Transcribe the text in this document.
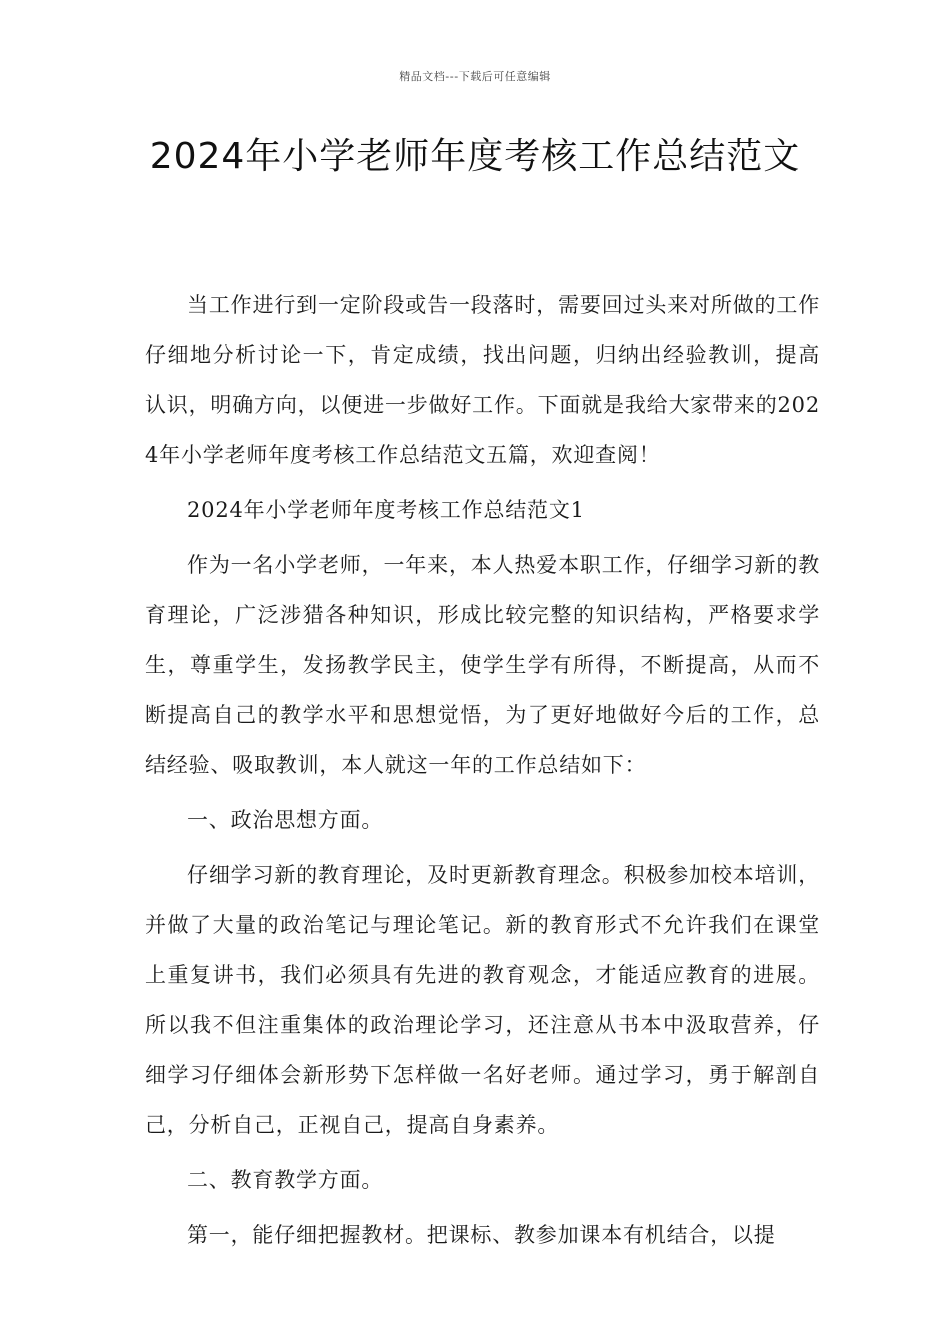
精品文档---下载后可任意编辑
2024年小学老师年度考核工作总结范文

当工作进行到一定阶段或告一段落时，需要回过头来对所做的工作仔细地分析讨论一下，肯定成绩，找出问题，归纳出经验教训，提高认识，明确方向，以便进一步做好工作。下面就是我给大家带来的2024年小学老师年度考核工作总结范文五篇，欢迎查阅！

2024年小学老师年度考核工作总结范文1

作为一名小学老师，一年来，本人热爱本职工作，仔细学习新的教育理论，广泛涉猎各种知识，形成比较完整的知识结构，严格要求学生，尊重学生，发扬教学民主，使学生学有所得，不断提高，从而不断提高自己的教学水平和思想觉悟，为了更好地做好今后的工作，总结经验、吸取教训，本人就这一年的工作总结如下：

一、政治思想方面。

仔细学习新的教育理论，及时更新教育理念。积极参加校本培训，并做了大量的政治笔记与理论笔记。新的教育形式不允许我们在课堂上重复讲书，我们必须具有先进的教育观念，才能适应教育的进展。所以我不但注重集体的政治理论学习，还注意从书本中汲取营养，仔细学习仔细体会新形势下怎样做一名好老师。通过学习，勇于解剖自己，分析自己，正视自己，提高自身素养。

二、教育教学方面。

第一，能仔细把握教材。把课标、教参加课本有机结合，以提
